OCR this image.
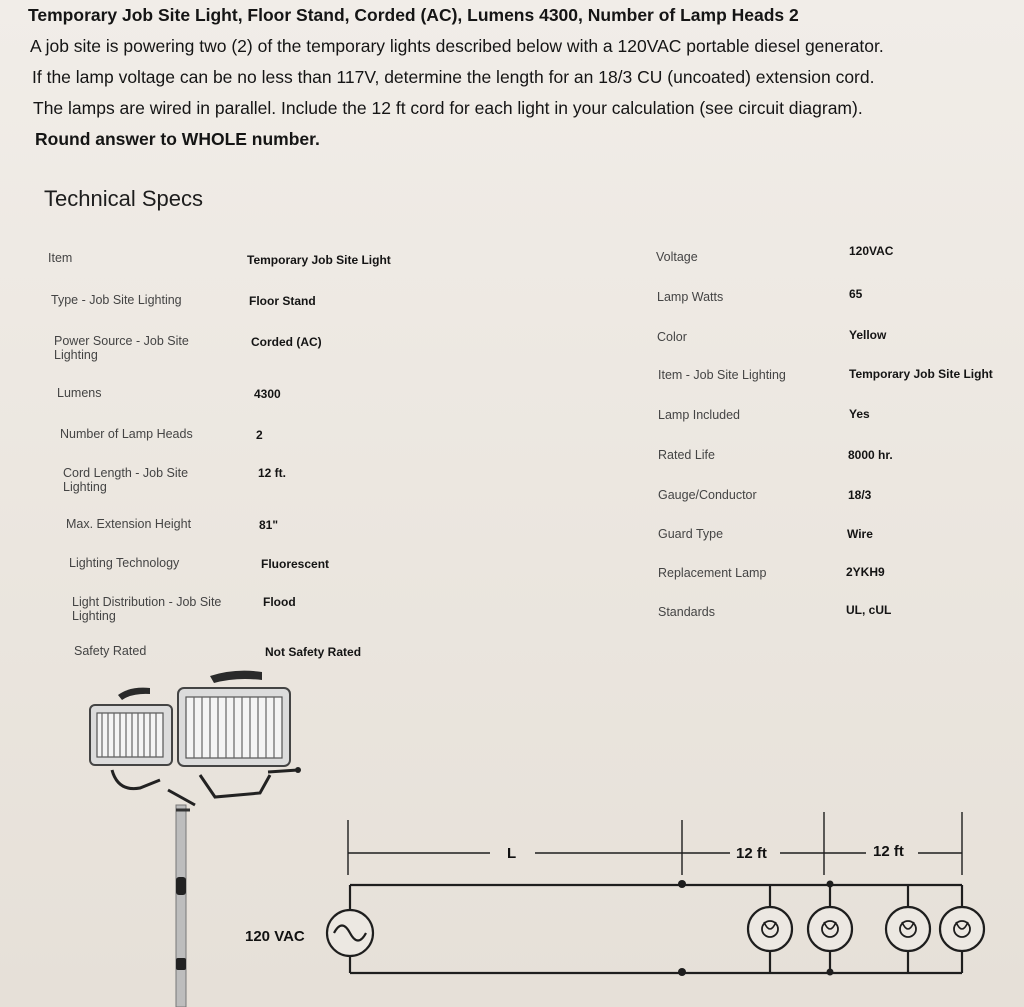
Temporary Job Site Light, Floor Stand, Corded (AC), Lumens 4300, Number of Lamp Heads 2
A job site is powering two (2) of the temporary lights described below with a 120VAC portable diesel generator.
If the lamp voltage can be no less than 117V, determine the length for an 18/3 CU (uncoated) extension cord.
The lamps are wired in parallel. Include the 12 ft cord for each light in your calculation (see circuit diagram).
Round answer to WHOLE number.
Technical Specs
Item	Temporary Job Site Light
Type - Job Site Lighting	Floor Stand
Power Source - Job Site Lighting
Corded (AC)
Lumens	4300
Number of Lamp Heads	2
Cord Length - Job Site Lighting
12 ft.
Max. Extension Height	81"
Lighting Technology	Fluorescent
Light Distribution - Job Site Lighting
Flood
Safety Rated	Not Safety Rated
Voltage	120VAC
Lamp Watts	65
Color	Yellow
Item - Job Site Lighting	Temporary Job Site Light
Lamp Included	Yes
Rated Life	8000 hr.
Gauge/Conductor	18/3
Guard Type	Wire
Replacement Lamp	2YKH9
Standards	UL, cUL
120 VAC
L	12 ft	12 ft
